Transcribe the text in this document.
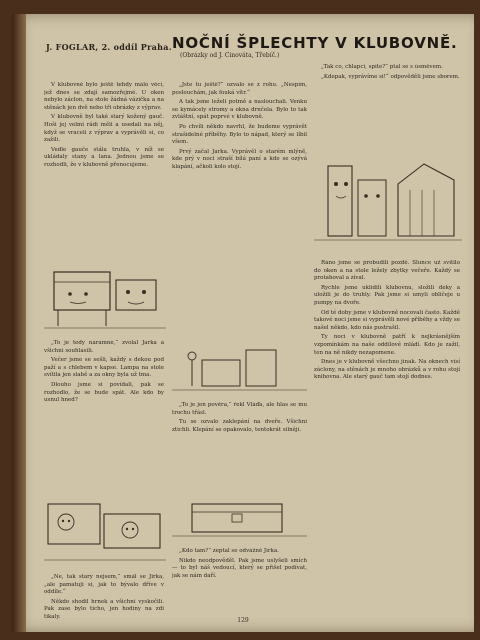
J. FOGLAR, 2. oddíl Praha. NOČNÍ ŠPLECHTY V KLUBOVNĚ.
(Obrázky od J. Cinováta, Třebíč.)

V klubovně bylo ještě tehdy málo věcí, jež dnes se zdají samozřejmé. U oken nebylo záclon, na stole žádná vázička a na stěnách jen dvě nebo tři obrázky z výprav.

V klubovně byl také starý kožený gauč. Hoši jej velmi rádi měli a usedali na něj, když se vraceli z výprav a vyprávěli si, co zažili.

Vedle gauče stála truhla, v níž se ukládaly stany a lana. Jednou jsme se rozhodli, že v klubovně přenocujeme.

„To je tedy náramné,“ zvolal Jarka a všichni souhlasili.

Večer jsme se sešli, každý s dekou pod paží a s chlebem v kapse. Lampa na stole svítila jen slabě a za okny byla už tma.

Dlouho jsme si povídali, pak se rozhodlo, že se bude spát. Ale kdo by usnul hned?

„Ne, tak starý nejsem,“ smál se Jirka, „ale pamatuji si, jak to bývalo dříve v oddíle.“

Někdo shodil hrnek a všichni vyskočili. Pak zase bylo ticho, jen hodiny na zdi tikaly.

„Jste tu ještě?“ ozvalo se z rohu. „Nespím, poslouchám, jak fouká vítr.“

A tak jsme leželi potmě a naslouchali. Venku se kymácely stromy a okna drnčela. Bylo to tak zvláštní, spát poprvé v klubovně.

Po chvíli někdo navrhl, že budeme vyprávět strašidelné příběhy. Bylo to nápad, který se líbil všem.

Prvý začal Jarka. Vyprávěl o starém mlýně, kde prý v noci straší bílá paní a kde se ozývá klapání, ačkoli kolo stojí.

„To je jen pověra,“ řekl Vláďa, ale hlas se mu trochu třásl.

Tu se ozvalo zaklepání na dveře. Všichni ztichli. Klepání se opakovalo, tentokrát silněji.

„Kdo tam?“ zeptal se odvážně Jirka.

Nikdo neodpověděl. Pak jsme uslyšeli smích — to byl náš vedoucí, který se přišel podívat, jak se nám daří.

„Tak co, chlapci, spíte?“ ptal se s úsměvem.

„Kdepak, vyprávíme si!“ odpověděli jsme sborem.

Ráno jsme se probudili pozdě. Slunce už svítilo do oken a na stole ležely zbytky večeře. Každý se protahoval a zíval.

Rychle jsme uklidili klubovnu, složili deky a uložili je do truhly. Pak jsme si umyli obličeje u pumpy na dvoře.

Od té doby jsme v klubovně nocovali často. Každé takové noci jsme si vyprávěli nové příběhy a vždy se našel někdo, kdo nás postrašil.

Ty noci v klubovně patří k nejkrásnějším vzpomínkám na naše oddílové mládí. Kdo je zažil, ten na ně nikdy nezapomene.

Dnes je v klubovně všechno jinak. Na oknech visí záclony, na stěnách je mnoho obrázků a v rohu stojí knihovna. Ale starý gauč tam stojí dodnes.

129
